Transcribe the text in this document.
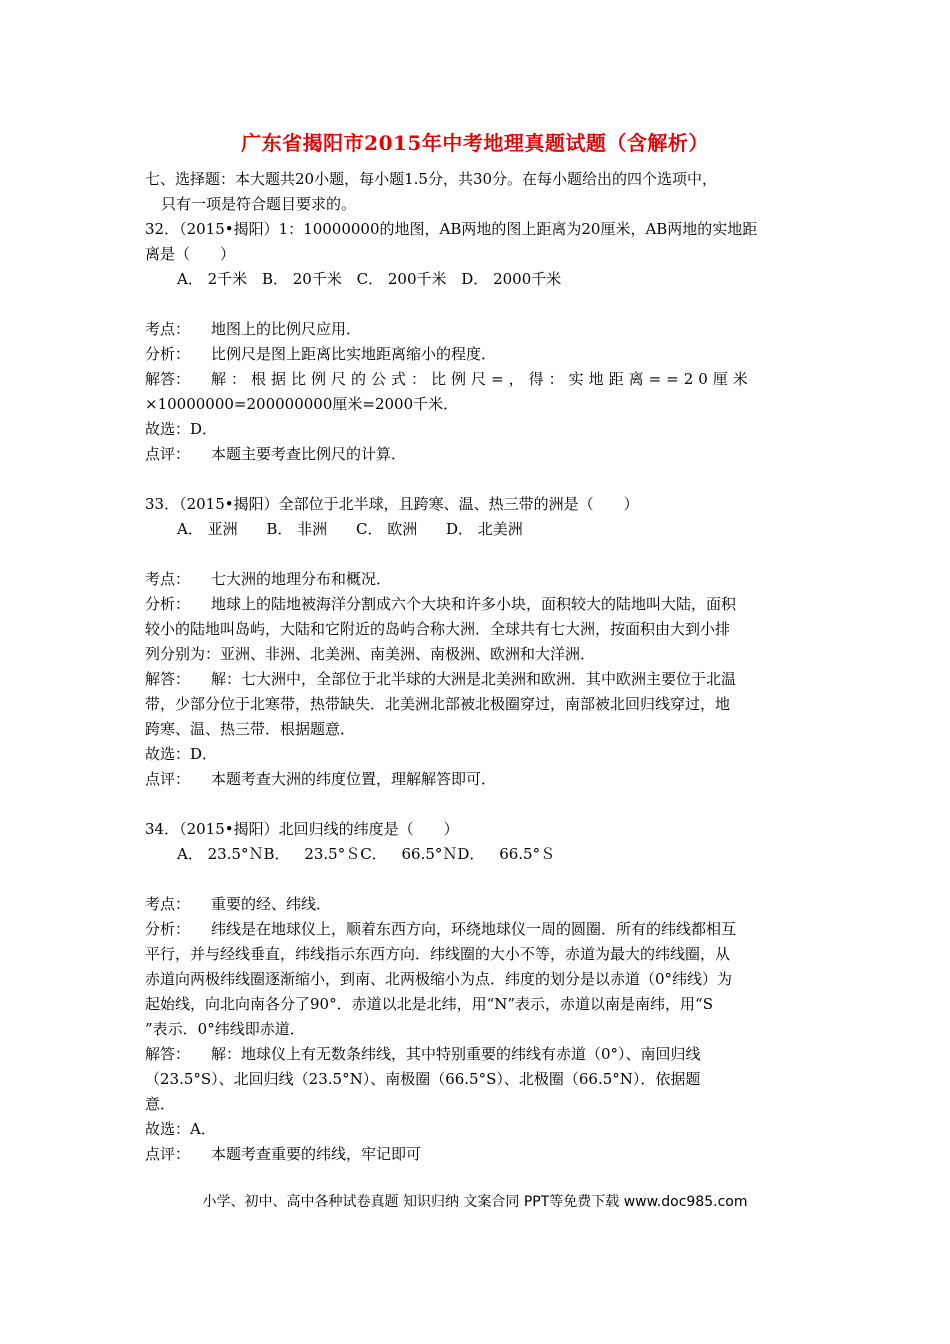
广东省揭阳市2015年中考地理真题试题（含解析）
七、选择题：本大题共20小题，每小题1.5分，共30分。在每小题给出的四个选项中，
只有一项是符合题目要求的。
32．（2015•揭阳）1：10000000的地图，AB两地的图上距离为20厘米，AB两地的实地距
离是（　　）
A． 2千米 B． 20千米 C． 200千米 D． 2000千米
考点： 地图上的比例尺应用．
分析： 比例尺是图上距离比实地距离缩小的程度．
解答： 解：根据比例尺的公式：比例尺=，得：实地距离==20厘米
×10000000=200000000厘米=2000千米．
故选：D．
点评： 本题主要考查比例尺的计算．
33．（2015•揭阳）全部位于北半球，且跨寒、温、热三带的洲是（　　）
A． 亚洲 B． 非洲 C． 欧洲 D． 北美洲
考点： 七大洲的地理分布和概况．
分析： 地球上的陆地被海洋分割成六个大块和许多小块，面积较大的陆地叫大陆，面积
较小的陆地叫岛屿，大陆和它附近的岛屿合称大洲．全球共有七大洲，按面积由大到小排
列分别为：亚洲、非洲、北美洲、南美洲、南极洲、欧洲和大洋洲．
解答： 解：七大洲中，全部位于北半球的大洲是北美洲和欧洲．其中欧洲主要位于北温
带，少部分位于北寒带，热带缺失．北美洲北部被北极圈穿过，南部被北回归线穿过，地
跨寒、温、热三带．根据题意．
故选：D．
点评： 本题考查大洲的纬度位置，理解解答即可．
34．（2015•揭阳）北回归线的纬度是（　　）
A． 23.5°ＮB． 23.5°ＳC． 66.5°ＮD． 66.5°Ｓ
考点： 重要的经、纬线．
分析： 纬线是在地球仪上，顺着东西方向，环绕地球仪一周的圆圈．所有的纬线都相互
平行，并与经线垂直，纬线指示东西方向．纬线圈的大小不等，赤道为最大的纬线圈，从
赤道向两极纬线圈逐渐缩小，到南、北两极缩小为点．纬度的划分是以赤道（0°纬线）为
起始线，向北向南各分了90°．赤道以北是北纬，用“N”表示，赤道以南是南纬，用“S
”表示．0°纬线即赤道．
解答： 解：地球仪上有无数条纬线，其中特别重要的纬线有赤道（0°）、南回归线
（23.5°S）、北回归线（23.5°N）、南极圈（66.5°S）、北极圈（66.5°N）．依据题
意．
故选：A．
点评： 本题考查重要的纬线，牢记即可
小学、初中、高中各种试卷真题 知识归纳 文案合同 PPT等免费下载 www.doc985.com
